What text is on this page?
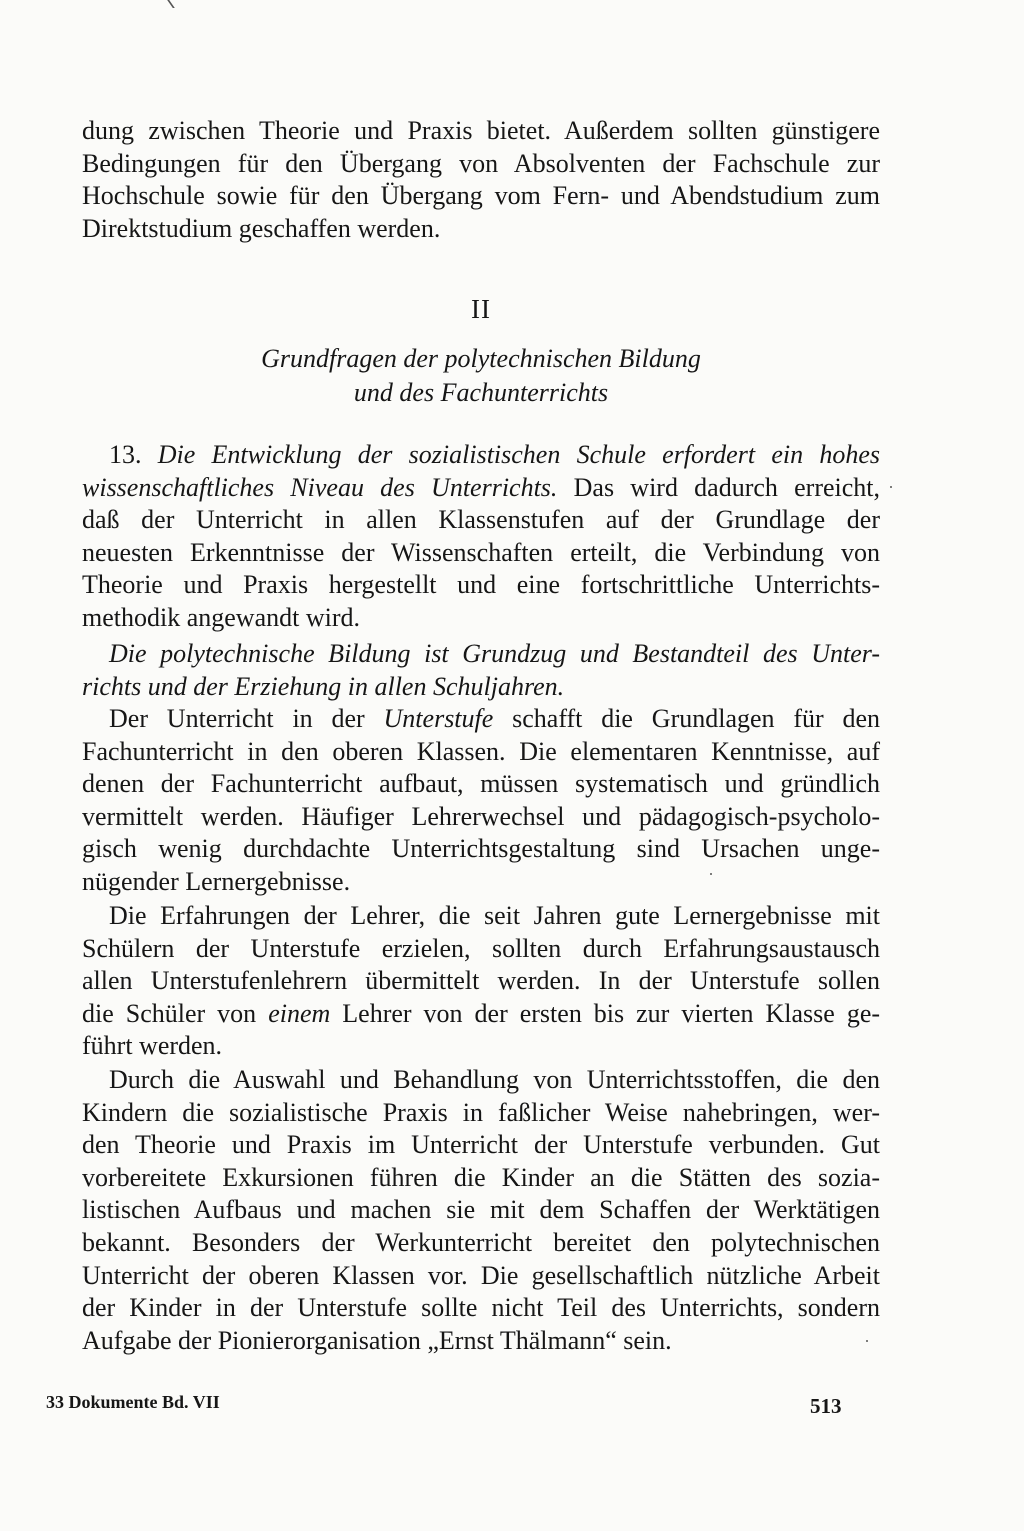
dung zwischen Theorie und Praxis bietet. Außerdem sollten günstigere
Bedingungen für den Übergang von Absolventen der Fachschule zur
Hochschule sowie für den Übergang vom Fern- und Abendstudium zum
Direktstudium geschaffen werden.
II
Grundfragen der polytechnischen Bildung
und des Fachunterrichts
13. Die Entwicklung der sozialistischen Schule erfordert ein hohes
wissenschaftliches Niveau des Unterrichts. Das wird dadurch erreicht,
daß der Unterricht in allen Klassenstufen auf der Grundlage der
neuesten Erkenntnisse der Wissenschaften erteilt, die Verbindung von
Theorie und Praxis hergestellt und eine fortschrittliche Unterrichts-
methodik angewandt wird.
Die polytechnische Bildung ist Grundzug und Bestandteil des Unter-
richts und der Erziehung in allen Schuljahren.
Der Unterricht in der Unterstufe schafft die Grundlagen für den
Fachunterricht in den oberen Klassen. Die elementaren Kenntnisse, auf
denen der Fachunterricht aufbaut, müssen systematisch und gründlich
vermittelt werden. Häufiger Lehrerwechsel und pädagogisch-psycholo-
gisch wenig durchdachte Unterrichtsgestaltung sind Ursachen unge-
nügender Lernergebnisse.
Die Erfahrungen der Lehrer, die seit Jahren gute Lernergebnisse mit
Schülern der Unterstufe erzielen, sollten durch Erfahrungsaustausch
allen Unterstufenlehrern übermittelt werden. In der Unterstufe sollen
die Schüler von einem Lehrer von der ersten bis zur vierten Klasse ge-
führt werden.
Durch die Auswahl und Behandlung von Unterrichtsstoffen, die den
Kindern die sozialistische Praxis in faßlicher Weise nahebringen, wer-
den Theorie und Praxis im Unterricht der Unterstufe verbunden. Gut
vorbereitete Exkursionen führen die Kinder an die Stätten des sozia-
listischen Aufbaus und machen sie mit dem Schaffen der Werktätigen
bekannt. Besonders der Werkunterricht bereitet den polytechnischen
Unterricht der oberen Klassen vor. Die gesellschaftlich nützliche Arbeit
der Kinder in der Unterstufe sollte nicht Teil des Unterrichts, sondern
Aufgabe der Pionierorganisation „Ernst Thälmann“ sein.
33 Dokumente Bd. VII	513
